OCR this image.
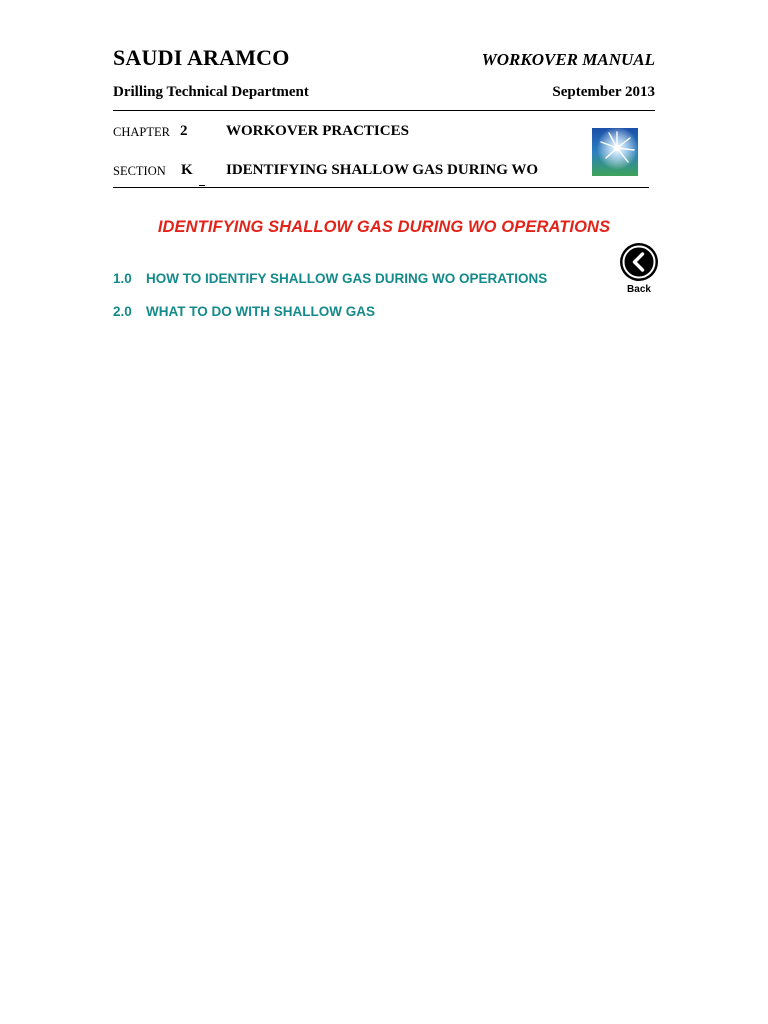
SAUDI ARAMCO	WORKOVER MANUAL
Drilling Technical Department	September 2013
CHAPTER 2	WORKOVER PRACTICES
SECTION K IDENTIFYING SHALLOW GAS DURING WO
IDENTIFYING SHALLOW GAS DURING WO OPERATIONS
1.0 HOW TO IDENTIFY SHALLOW GAS DURING WO OPERATIONS
2.0 WHAT TO DO WITH SHALLOW GAS
Back
